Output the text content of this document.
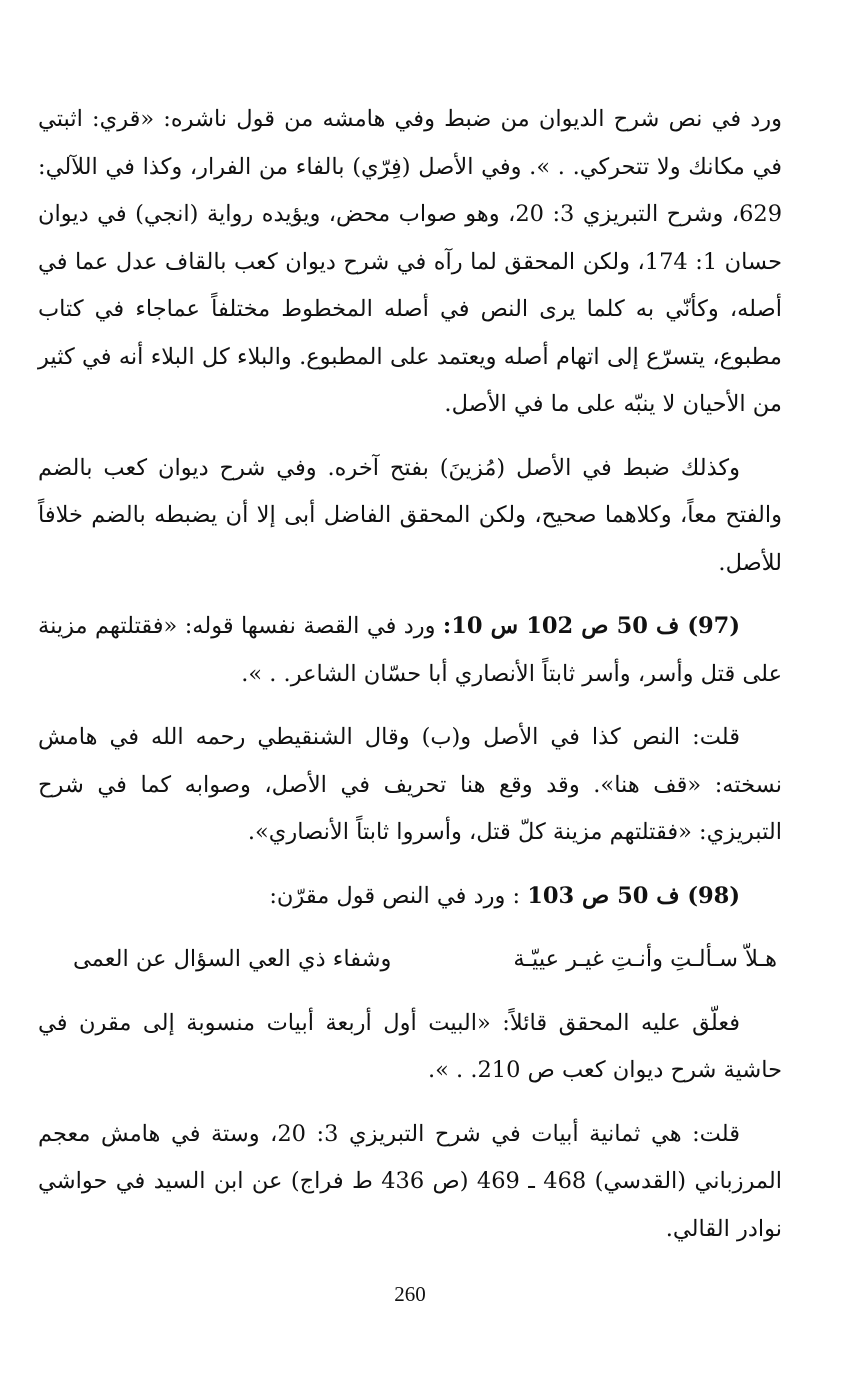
ورد في نص شرح الديوان من ضبط وفي هامشه من قول ناشره: «قري: اثبتي في مكانك ولا تتحركي. . ». وفي الأصل (فِرّي) بالفاء من الفرار، وكذا في اللآلي: 629، وشرح التبريزي 3: 20، وهو صواب محض، ويؤيده رواية (انجي) في ديوان حسان 1: 174، ولكن المحقق لما رآه في شرح ديوان كعب بالقاف عدل عما في أصله، وكأنّي به كلما يرى النص في أصله المخطوط مختلفاً عماجاء في كتاب مطبوع، يتسرّع إلى اتهام أصله ويعتمد على المطبوع. والبلاء كل البلاء أنه في كثير من الأحيان لا ينبّه على ما في الأصل.

وكذلك ضبط في الأصل (مُزينَ) بفتح آخره. وفي شرح ديوان كعب بالضم والفتح معاً، وكلاهما صحيح، ولكن المحقق الفاضل أبى إلا أن يضبطه بالضم خلافاً للأصل.

(97) ف 50 ص 102 س 10: ورد في القصة نفسها قوله: «فقتلتهم مزينة على قتل وأسر، وأسر ثابتاً الأنصاري أبا حسّان الشاعر. . ».

قلت: النص كذا في الأصل و(ب) وقال الشنقيطي رحمه الله في هامش نسخته: «قف هنا». وقد وقع هنا تحريف في الأصل، وصوابه كما في شرح التبريزي: «فقتلتهم مزينة كلّ قتل، وأسروا ثابتاً الأنصاري».

(98) ف 50 ص 103 : ورد في النص قول مقرّن:

هـلاّ سـألـتِ وأنـتِ غيـر عييّـة
وشفاء ذي العي السؤال عن العمى

فعلّق عليه المحقق قائلاً: «البيت أول أربعة أبيات منسوبة إلى مقرن في حاشية شرح ديوان كعب ص 210. . ».

قلت: هي ثمانية أبيات في شرح التبريزي 3: 20، وستة في هامش معجم المرزباني (القدسي) 468 ـ 469 (ص 436 ط فراج) عن ابن السيد في حواشي نوادر القالي.

260
